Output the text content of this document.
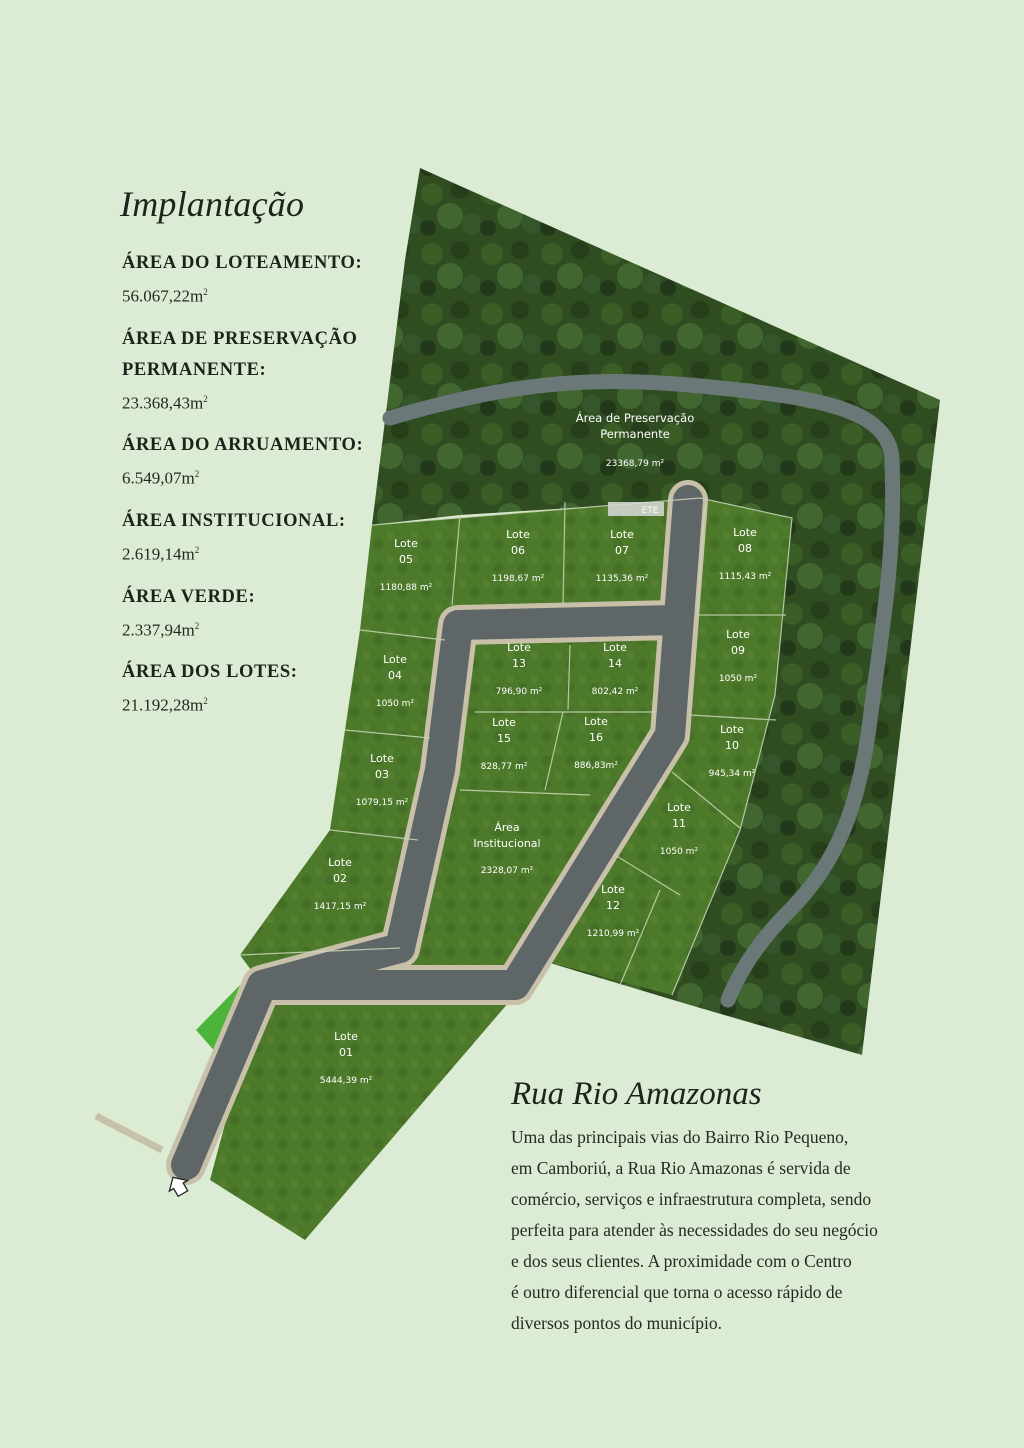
Implantação
ÁREA DO LOTEAMENTO:
$56.067,22m^2$
ÁREA DE PRESERVAÇÃO PERMANENTE:
$23.368,43m^2$
ÁREA DO ARRUAMENTO:
$6.549,07m^2$
ÁREA INSTITUCIONAL:
$2.619,14m^2$
ÁREA VERDE:
$2.337,94m^2$
ÁREA DOS LOTES:
$21.192,28m^2$
ETE
Área de Preservação
Permanente
23368,79 m²
Área
Institucional
2328,07 m²
Lote
01
5444,39 m²
Lote
02
1417,15 m²
Lote
03
1079,15 m²
Lote
04
1050 m²
Lote
05
1180,88 m²
Lote
06
1198,67 m²
Lote
07
1135,36 m²
Lote
08
1115,43 m²
Lote
09
1050 m²
Lote
10
945,34 m²
Lote
11
1050 m²
Lote
12
1210,99 m²
Lote
13
796,90 m²
Lote
14
802,42 m²
Lote
15
828,77 m²
Lote
16
886,83m²
Rua Rio Amazonas
Uma das principais vias do Bairro Rio Pequeno,
em Camboriú, a Rua Rio Amazonas é servida de
comércio, serviços e infraestrutura completa, sendo
perfeita para atender às necessidades do seu negócio
e dos seus clientes. A proximidade com o Centro
é outro diferencial que torna o acesso rápido de
diversos pontos do município.
